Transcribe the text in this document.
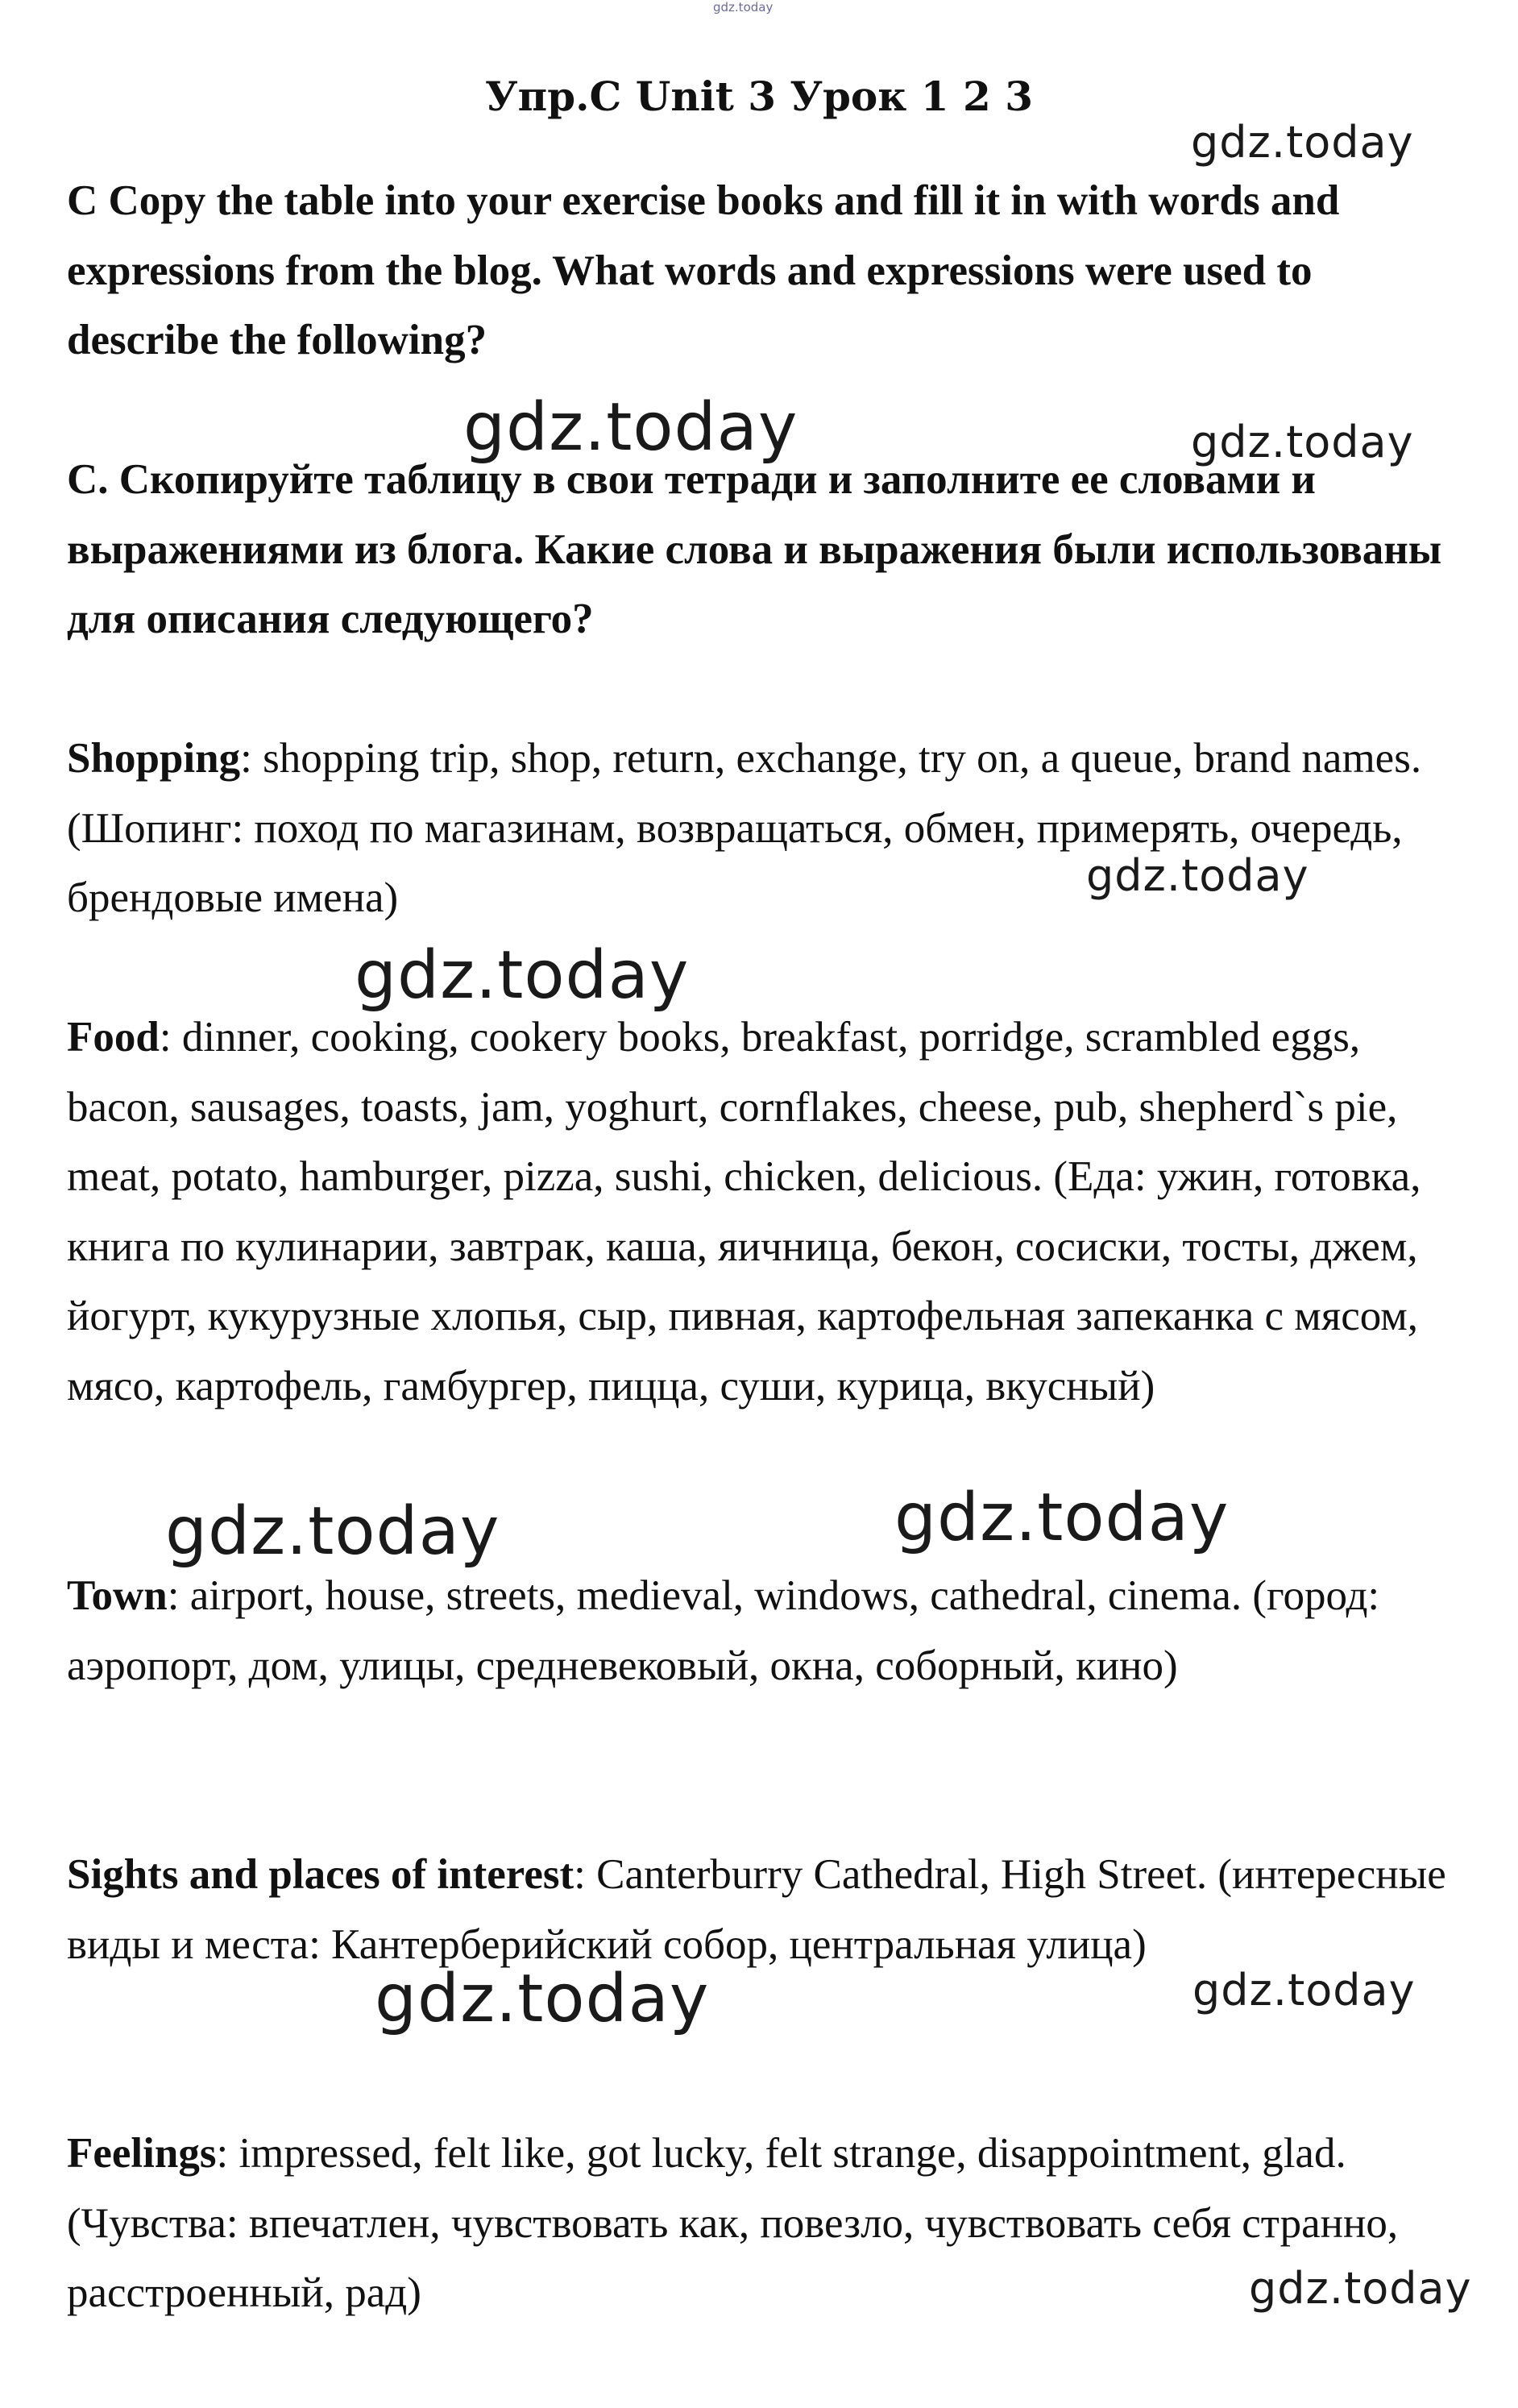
gdz.today
gdz.today
gdz.today	gdz.today
gdz.today
gdz.today
gdz.today	gdz.today
gdz.today	gdz.today
gdz.today
Упр.С Unit 3 Урок 1 2 3
C Copy the table into your exercise books and fill it in with words and expressions from the blog. What words and expressions were used to describe the following?
С. Скопируйте таблицу в свои тетради и заполните ее словами и выражениями из блога. Какие слова и выражения были использованы для описания следующего?
Shopping: shopping trip, shop, return, exchange, try on, a queue, brand names. (Шопинг: поход по магазинам, возвращаться, обмен, примерять, очередь, брендовые имена)
Food: dinner, cooking, cookery books, breakfast, porridge, scrambled eggs, bacon, sausages, toasts, jam, yoghurt, cornflakes, cheese, pub, shepherd`s pie, meat, potato, hamburger, pizza, sushi, chicken, delicious. (Еда: ужин, готовка, книга по кулинарии, завтрак, каша, яичница, бекон, сосиски, тосты, джем, йогурт, кукурузные хлопья, сыр, пивная, картофельная запеканка с мясом, мясо, картофель, гамбургер, пицца, суши, курица, вкусный)
Town: airport, house, streets, medieval, windows, cathedral, cinema. (город: аэропорт, дом, улицы, средневековый, окна, соборный, кино)
Sights and places of interest: Canterburry Cathedral, High Street. (интересные виды и места: Кантерберийский собор, центральная улица)
Feelings: impressed, felt like, got lucky, felt strange, disappointment, glad. (Чувства: впечатлен, чувствовать как, повезло, чувствовать себя странно, расстроенный, рад)
